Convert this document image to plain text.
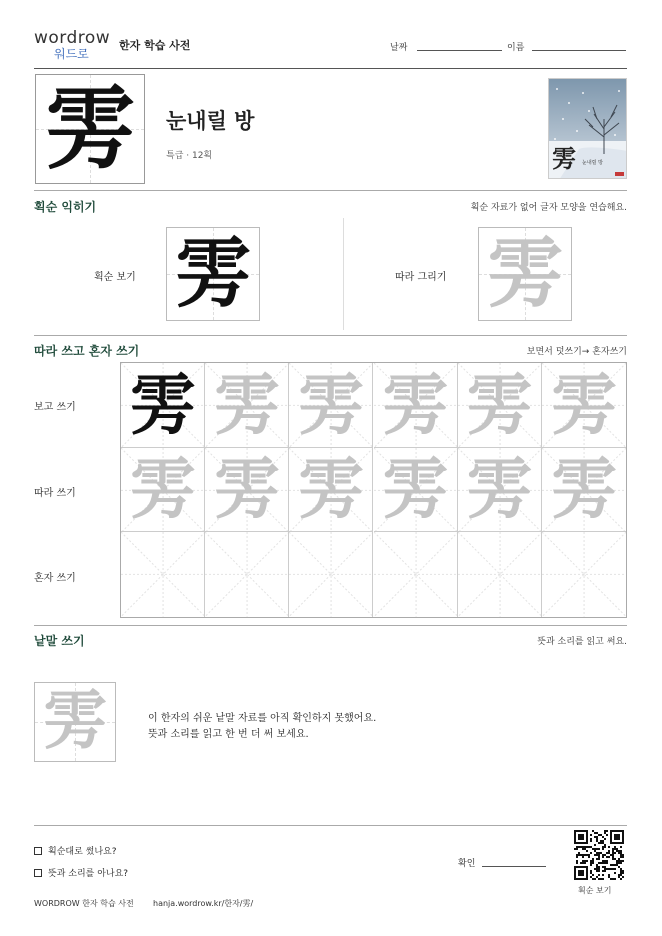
wordrow
워드로
한자 학습 사전	날짜	이름
雱	눈내릴 방
특급 · 12획	雱 눈내릴 방
획순 익히기	획순 자료가 없어 글자 모양을 연습해요.
획순 보기 雱	따라 그리기 雱
따라 쓰고 혼자 쓰기	보면서 덧쓰기→ 혼자쓰기
보고 쓰기
따라 쓰기
혼자 쓰기
雱 雱 雱 雱 雱 雱
雱 雱 雱 雱 雱 雱
낱말 쓰기	뜻과 소리를 읽고 써요.
雱	이 한자의 쉬운 낱말 자료를 아직 확인하지 못했어요.
뜻과 소리를 읽고 한 번 더 써 보세요.
획순대로 썼나요?
뜻과 소리를 아나요?
확인
획순 보기
WORDROW 한자 학습 사전 hanja.wordrow.kr/한자/雱/
